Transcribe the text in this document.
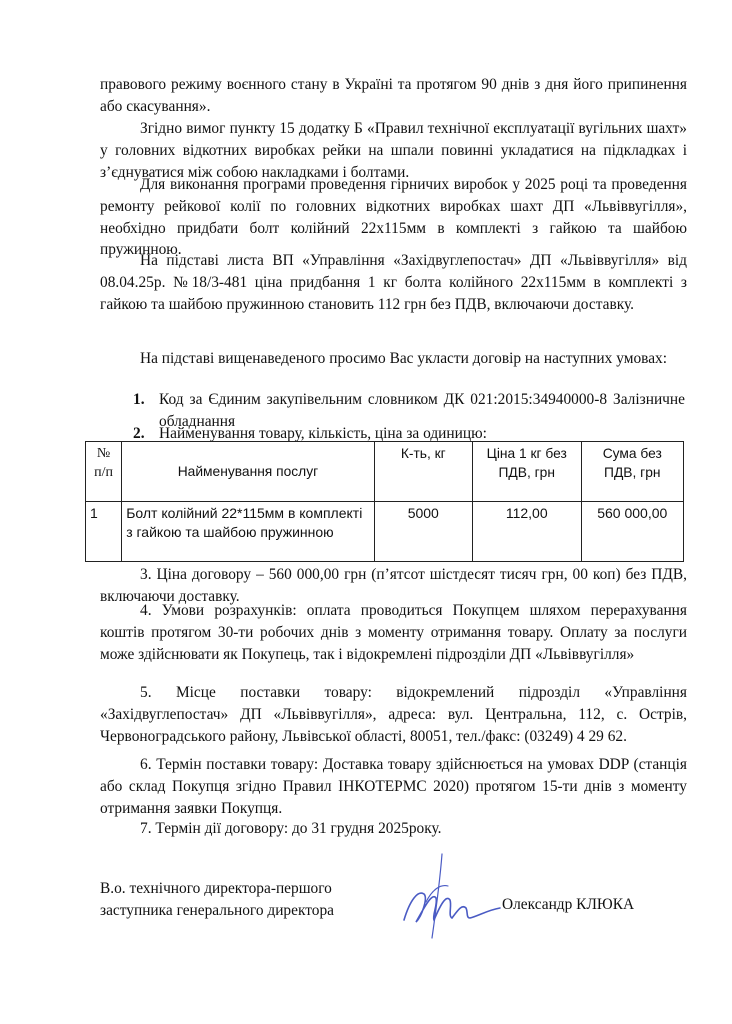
правового режиму воєнного стану в Україні та протягом 90 днів з дня його припинення або скасування».

Згідно вимог пункту 15 додатку Б «Правил технічної експлуатації вугільних шахт» у головних відкотних виробках рейки на шпали повинні укладатися на підкладках і з’єднуватися між собою накладками і болтами.

Для виконання програми проведення гірничих виробок у 2025 році та проведення ремонту рейкової колії по головних відкотних виробках шахт ДП «Львіввугілля», необхідно придбати болт колійний 22х115мм в комплекті з гайкою та шайбою пружинною.

На підставі листа ВП «Управління «Західвуглепостач» ДП «Львіввугілля» від 08.04.25р. №18/3-481 ціна придбання 1 кг болта колійного 22х115мм в комплекті з гайкою та шайбою пружинною становить 112 грн без ПДВ, включаючи доставку.

На підставі вищенаведеного просимо Вас укласти договір на наступних умовах:

1. Код за Єдиним закупівельним словником ДК 021:2015:34940000-8 Залізничне обладнання
2. Найменування товару, кількість, ціна за одиницю:
№ п/п	Найменування послуг	К-ть, кг	Ціна 1 кг без ПДВ, грн	Сума без ПДВ, грн
1	Болт колійний 22*115мм в комплекті з гайкою та шайбою пружинною	5000	112,00	560 000,00

3. Ціна договору – 560 000,00 грн (п’ятсот шістдесят тисяч грн, 00 коп) без ПДВ, включаючи доставку.

4. Умови розрахунків: оплата проводиться Покупцем шляхом перерахування коштів протягом 30-ти робочих днів з моменту отримання товару. Оплату за послуги може здійснювати як Покупець, так і відокремлені підрозділи ДП «Львіввугілля»

5. Місце поставки товару: відокремлений підрозділ «Управління «Західвуглепостач» ДП «Львіввугілля», адреса: вул. Центральна, 112, с. Острів, Червоноградського району, Львівської області, 80051, тел./факс: (03249) 4 29 62.

6. Термін поставки товару: Доставка товару здійснюється на умовах DDP (станція або склад Покупця згідно Правил ІНКОТЕРМС 2020) протягом 15-ти днів з моменту отримання заявки Покупця.

7. Термін дії договору: до 31 грудня 2025року.

В.о. технічного директора-першого
заступника генерального директора	Олександр КЛЮКА
